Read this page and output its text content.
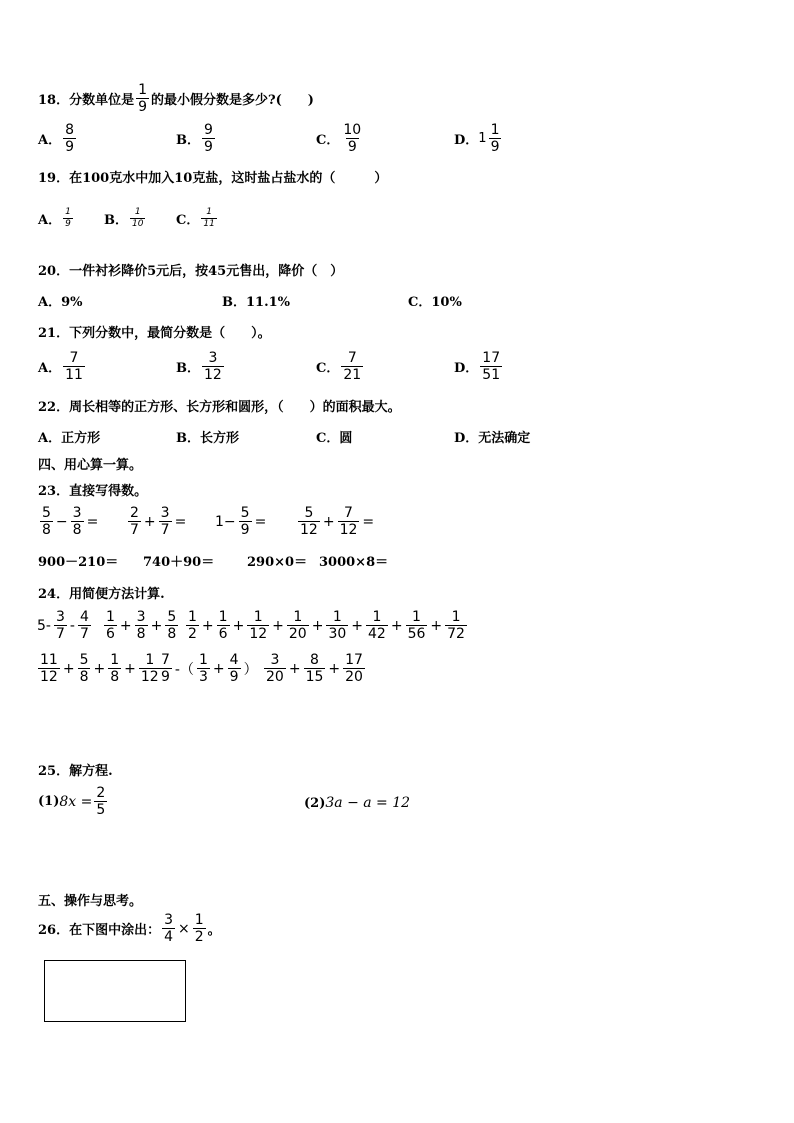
18．分数单位是 $\frac{1}{9}$ 的最小假分数是多少?(　　)
A． $\frac{8}{9}$	B． $\frac{9}{9}$	C． $\frac{10}{9}$	D． $1 \frac{1}{9}$
19．在100克水中加入10克盐，这时盐占盐水的（　　　）
A． $\frac{1}{9}$ B． $\frac{1}{10}$ C． $\frac{1}{11}$
20．一件衬衫降价5元后，按45元售出，降价（　）
A．9%	B．11.1%	C．10%
21．下列分数中，最简分数是（　　）。
A． $\frac{7}{11}$	B． $\frac{3}{12}$	C． $\frac{7}{21}$	D． $\frac{17}{51}$
22．周长相等的正方形、长方形和圆形，（　　）的面积最大。
A．正方形	B．长方形	C．圆	D．无法确定
四、用心算一算。
23．直接写得数。
$\frac{5}{8} - \frac{3}{8} = \frac{2}{7} + \frac{3}{7} = 1- \frac{5}{9} = \frac{5}{12} + \frac{7}{12}$ =
900－210＝ 740＋90＝	290×0＝ 3000×8＝
24．用简便方法计算.
$5- \frac{3}{7} - \frac{4}{7} \frac{1}{6} + \frac{3}{8} + \frac{5}{8} \frac{1}{2} + \frac{1}{6} + \frac{1}{12} + \frac{1}{20} + \frac{1}{30} + \frac{1}{42} + \frac{1}{56} + \frac{1}{72}$
$\frac{11}{12} + \frac{5}{8} + \frac{1}{8} + \frac{1}{12}$
$\frac{7}{9}$ -（ $\frac{1}{3} + \frac{4}{9}$ ） $\frac{3}{20} + \frac{8}{15} + \frac{17}{20}$
25．解方程.
(1) $8x = \frac{2}{5}$	(2) 3a − a = 12
五、操作与思考。
26．在下图中涂出： $\frac{3}{4} \times \frac{1}{2}$ 。
